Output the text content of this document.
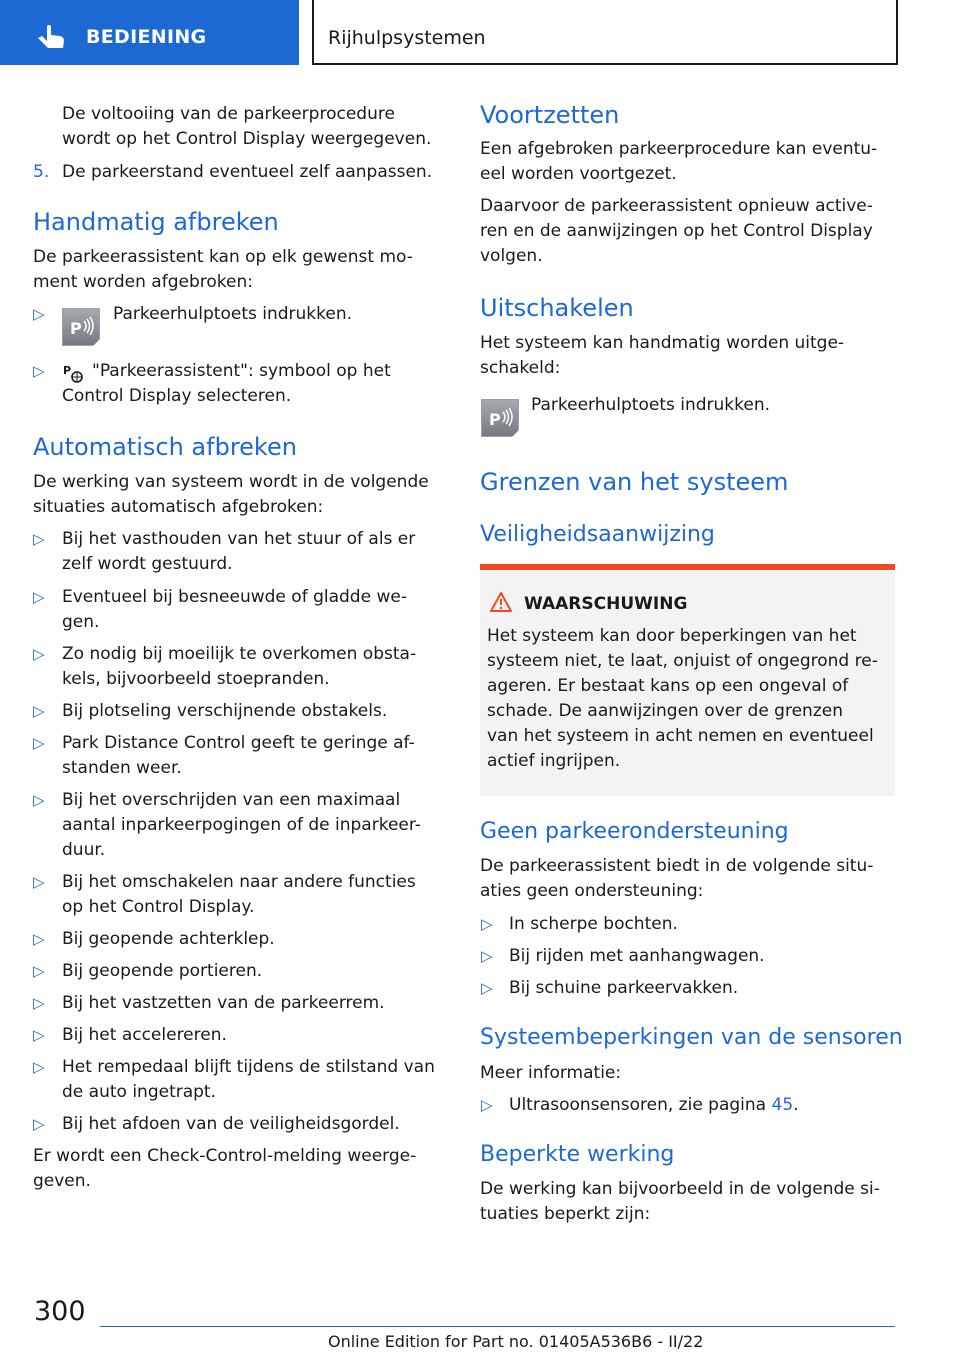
BEDIENING	Rijhulpsystemen
De voltooiing van de parkeerprocedure
wordt op het Control Display weergegeven.
5. De parkeerstand eventueel zelf aanpassen.
Handmatig afbreken
De parkeerassistent kan op elk gewenst mo-
ment worden afgebroken:
▷
P
Parkeerhulptoets indrukken.
▷ P "Parkeerassistent": symbool op het
Control Display selecteren.
Automatisch afbreken
De werking van systeem wordt in de volgende
situaties automatisch afgebroken:
▷ Bij het vasthouden van het stuur of als er
zelf wordt gestuurd.
▷ Eventueel bij besneeuwde of gladde we-
gen.
▷ Zo nodig bij moeilijk te overkomen obsta-
kels, bijvoorbeeld stoepranden.
▷ Bij plotseling verschijnende obstakels.
▷ Park Distance Control geeft te geringe af-
standen weer.
▷ Bij het overschrijden van een maximaal
aantal inparkeerpogingen of de inparkeer-
duur.
▷ Bij het omschakelen naar andere functies
op het Control Display.
▷ Bij geopende achterklep.
▷ Bij geopende portieren.
▷ Bij het vastzetten van de parkeerrem.
▷ Bij het accelereren.
▷ Het rempedaal blijft tijdens de stilstand van
de auto ingetrapt.
▷ Bij het afdoen van de veiligheidsgordel.
Er wordt een Check-Control-melding weerge-
geven.
Voortzetten
Een afgebroken parkeerprocedure kan eventu-
eel worden voortgezet.
Daarvoor de parkeerassistent opnieuw active-
ren en de aanwijzingen op het Control Display
volgen.
Uitschakelen
Het systeem kan handmatig worden uitge-
schakeld:
P
Parkeerhulptoets indrukken.
Grenzen van het systeem
Veiligheidsaanwijzing
WAARSCHUWING
Het systeem kan door beperkingen van het
systeem niet, te laat, onjuist of ongegrond re-
ageren. Er bestaat kans op een ongeval of
schade. De aanwijzingen over de grenzen
van het systeem in acht nemen en eventueel
actief ingrijpen.
Geen parkeerondersteuning
De parkeerassistent biedt in de volgende situ-
aties geen ondersteuning:
▷ In scherpe bochten.
▷ Bij rijden met aanhangwagen.
▷ Bij schuine parkeervakken.
Systeembeperkingen van de sensoren
Meer informatie:
▷ Ultrasoonsensoren, zie pagina 45.
Beperkte werking
De werking kan bijvoorbeeld in de volgende si-
tuaties beperkt zijn:
300
Online Edition for Part no. 01405A536B6 - II/22
